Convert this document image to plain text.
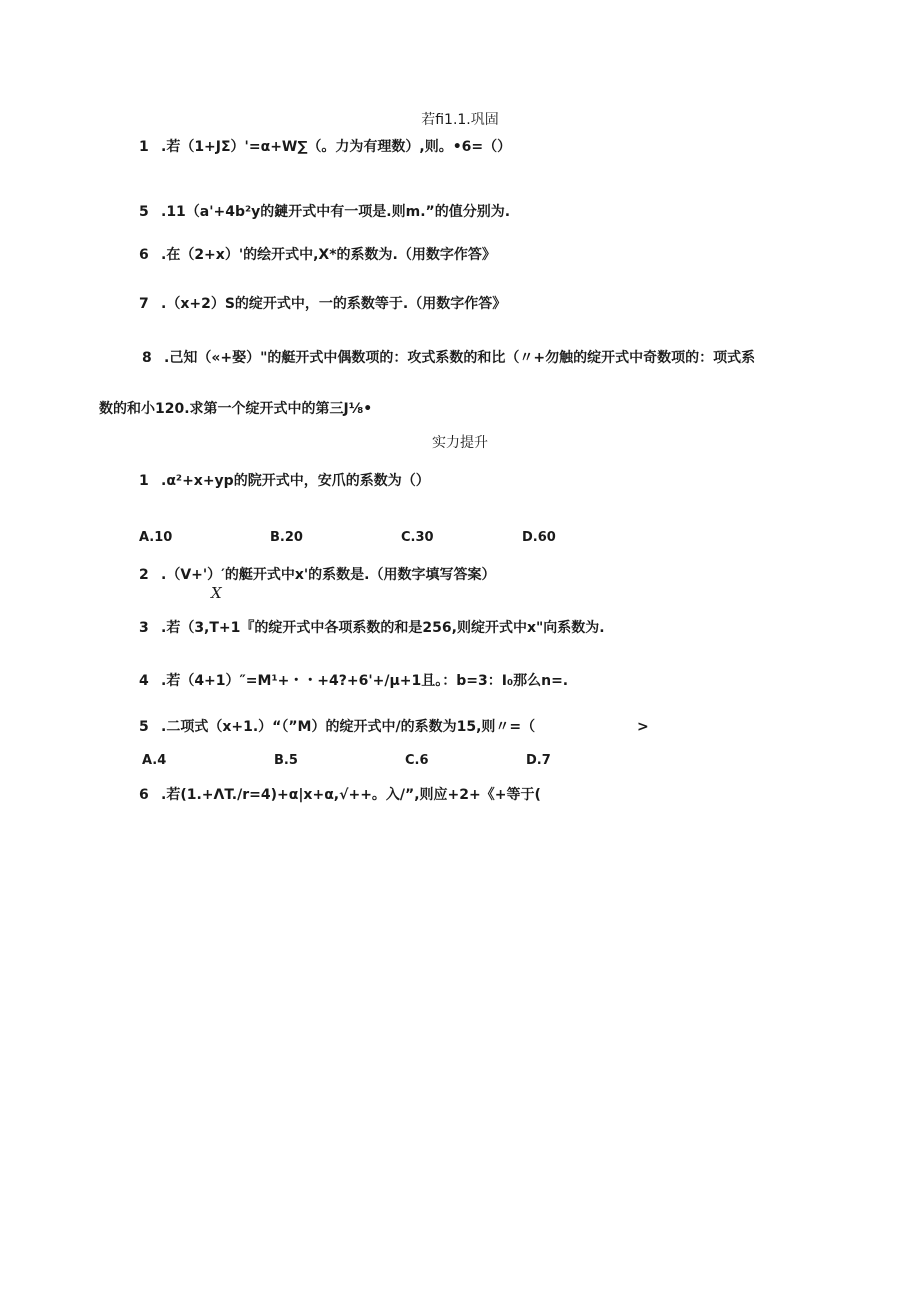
若fi1.1.巩固
1 .若（1+JΣ）'=α+W∑（。力为有理数）,则。•6=（）
5 .11（a'+4b²y的鏈开式中有一项是.则m.”的值分别为.
6 .在（2+x）'的绘开式中,X*的系数为.（用数字作答》
7 .（x+2）S的绽开式中，一的系数等于.（用数字作答》
8 .己知（«+娶）"的艇开式中偶数项的：攻式系数的和比（〃+勿触的绽开式中奇数项的：项式系
数的和小120.求第一个绽开式中的第三J⅛•
实力提升
1 .α²+x+yp的院开式中，安爪的系数为（）
A.10	B.20	C.30	D.60
2 .（V+'）′的艇开式中x'的系数是.（用数字填写答案）
X
3 .若（3,T+1『的绽开式中各项系数的和是256,则绽开式中x"向系数为.
4 .若（4+1）″=M¹+・・+4?+6'+/μ+1且。：b=3：I₀那么n=.
5 .二项式（x+1.）“（”M）的绽开式中/的系数为15,则〃=（	>
A.4	B.5	C.6	D.7
6 .若(1.+ΛT./r=4)+α|x+α,√++。入/”,则应+2+《+等于(
